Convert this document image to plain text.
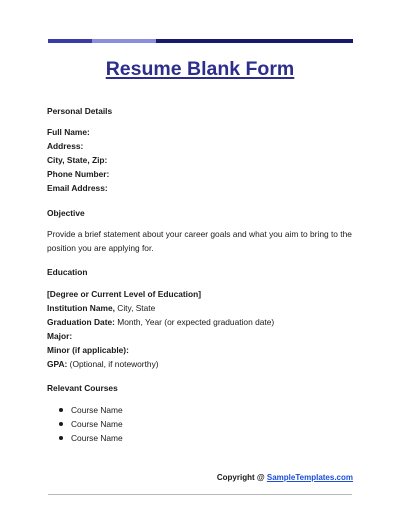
Resume Blank Form
Personal Details
Full Name:
Address:
City, State, Zip:
Phone Number:
Email Address:
Objective
Provide a brief statement about your career goals and what you aim to bring to the position you are applying for.
Education
[Degree or Current Level of Education]
Institution Name, City, State
Graduation Date: Month, Year (or expected graduation date)
Major:
Minor (if applicable):
GPA: (Optional, if noteworthy)
Relevant Courses
Course Name
Course Name
Course Name
Copyright @ SampleTemplates.com
